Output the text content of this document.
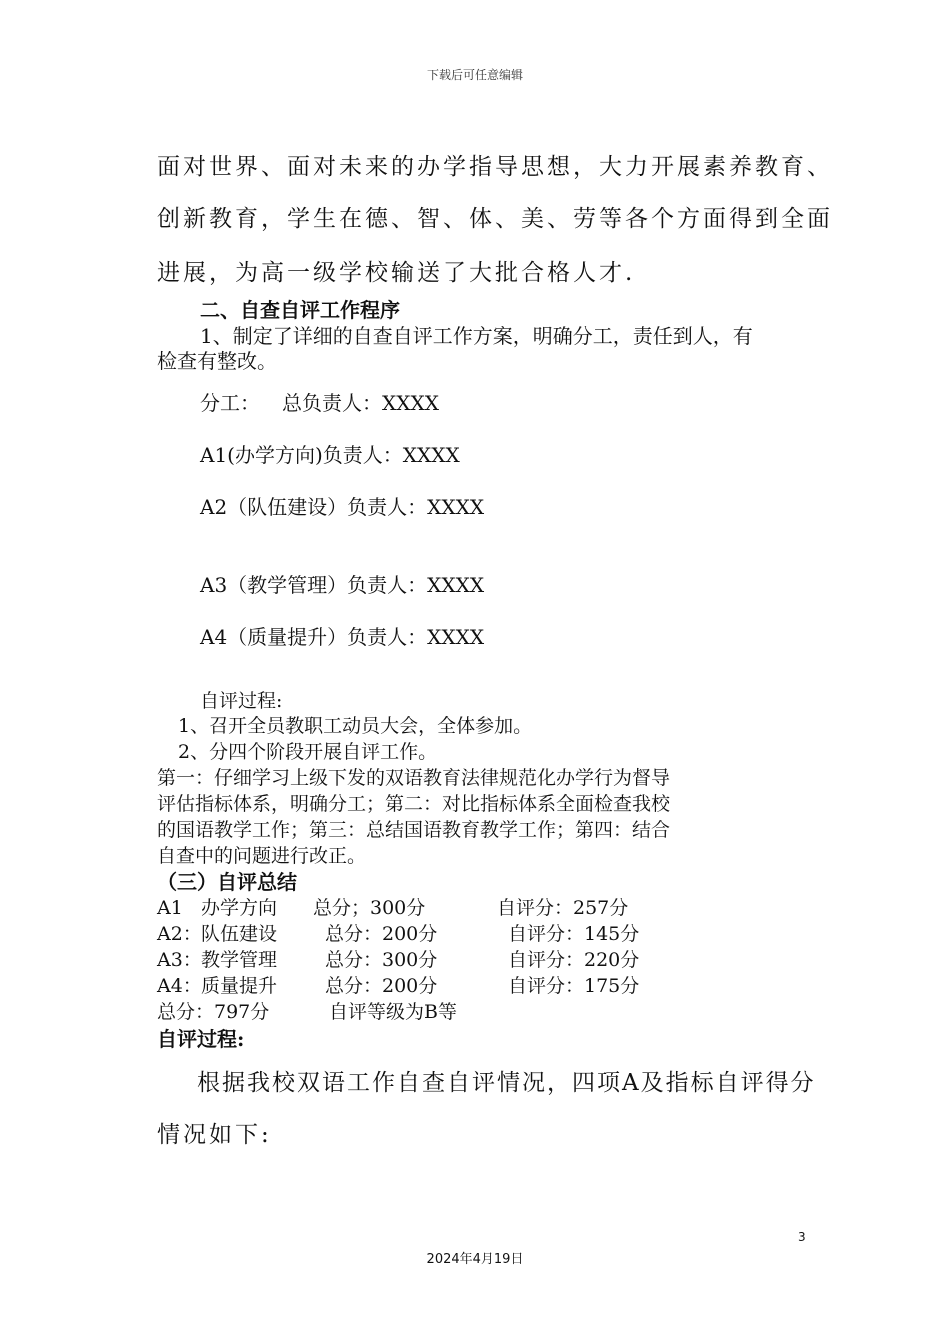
下载后可任意编辑
面对世界、面对未来的办学指导思想，大力开展素养教育、
创新教育，学生在德、智、体、美、劳等各个方面得到全面
进展，为高一级学校输送了大批合格人才.
二、自查自评工作程序
1、制定了详细的自查自评工作方案，明确分工，责任到人，有
检查有整改。
分工： 总负责人：XXXX
A1(办学方向)负责人：XXXX
A2（队伍建设）负责人：XXXX
A3（教学管理）负责人：XXXX
A4（质量提升）负责人：XXXX
自评过程:
1、召开全员教职工动员大会，全体参加。
2、分四个阶段开展自评工作。
第一：仔细学习上级下发的双语教育法律规范化办学行为督导
评估指标体系，明确分工；第二：对比指标体系全面检查我校
的国语教学工作；第三：总结国语教育教学工作；第四：结合
自查中的问题进行改正。
（三）自评总结
A1 办学方向 总分；300分	自评分：257分
A2：队伍建设	总分：200分	自评分：145分
A3：教学管理	总分：300分	自评分：220分
A4：质量提升	总分：200分	自评分：175分
总分：797分	自评等级为B等
自评过程:
根据我校双语工作自查自评情况，四项A及指标自评得分
情况如下:
3
2024年4月19日
